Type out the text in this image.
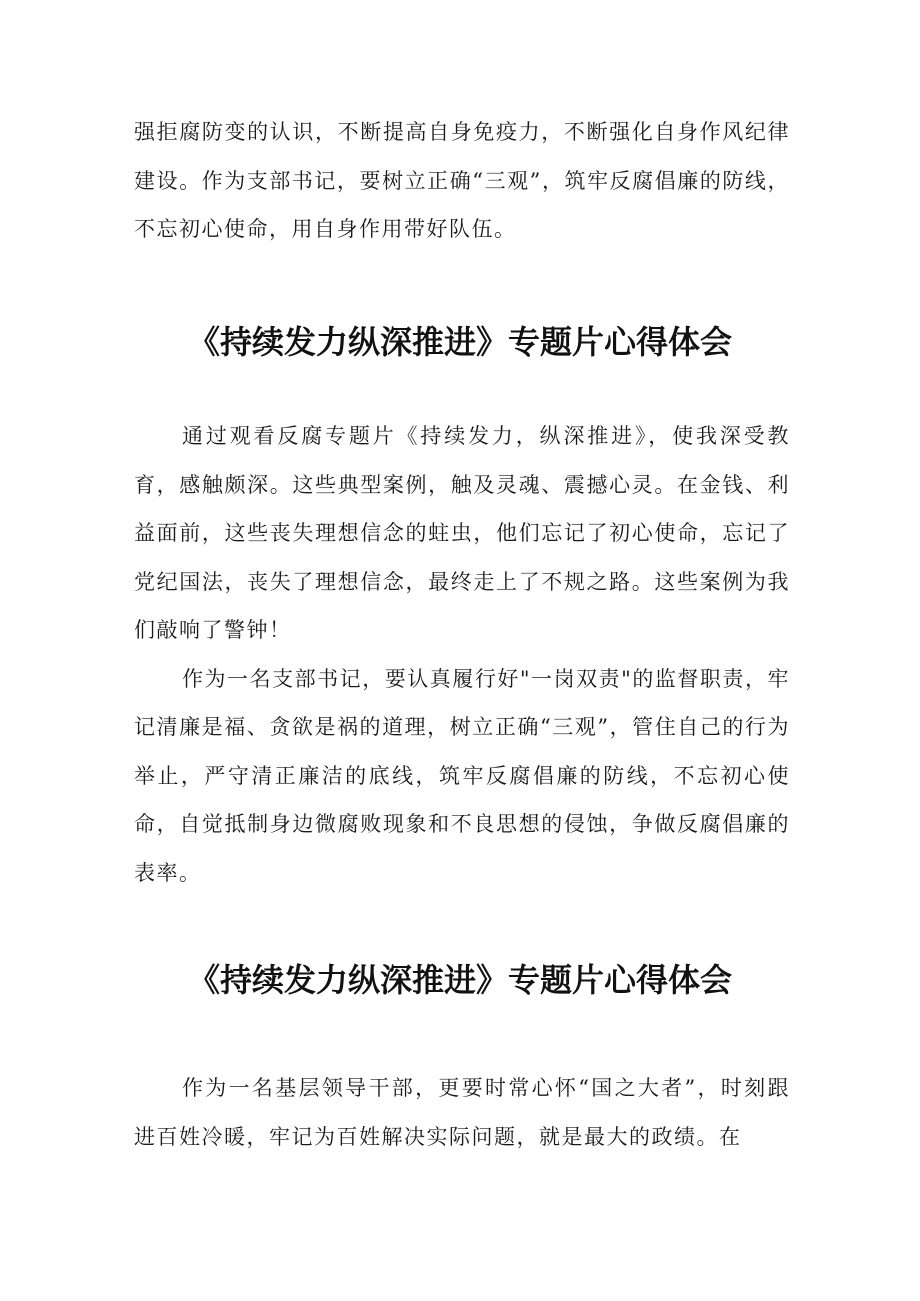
强拒腐防变的认识，不断提高自身免疫力，不断强化自身作风纪律建设。作为支部书记，要树立正确“三观”，筑牢反腐倡廉的防线，不忘初心使命，用自身作用带好队伍。

《持续发力纵深推进》专题片心得体会

通过观看反腐专题片《持续发力，纵深推进》，使我深受教育，感触颇深。这些典型案例，触及灵魂、震撼心灵。在金钱、利益面前，这些丧失理想信念的蛀虫，他们忘记了初心使命，忘记了党纪国法，丧失了理想信念，最终走上了不规之路。这些案例为我们敲响了警钟！

作为一名支部书记，要认真履行好"一岗双责"的监督职责，牢记清廉是福、贪欲是祸的道理，树立正确“三观”，管住自己的行为举止，严守清正廉洁的底线，筑牢反腐倡廉的防线，不忘初心使命，自觉抵制身边微腐败现象和不良思想的侵蚀，争做反腐倡廉的表率。

《持续发力纵深推进》专题片心得体会

作为一名基层领导干部，更要时常心怀“国之大者”，时刻跟进百姓冷暖，牢记为百姓解决实际问题，就是最大的政绩。在
